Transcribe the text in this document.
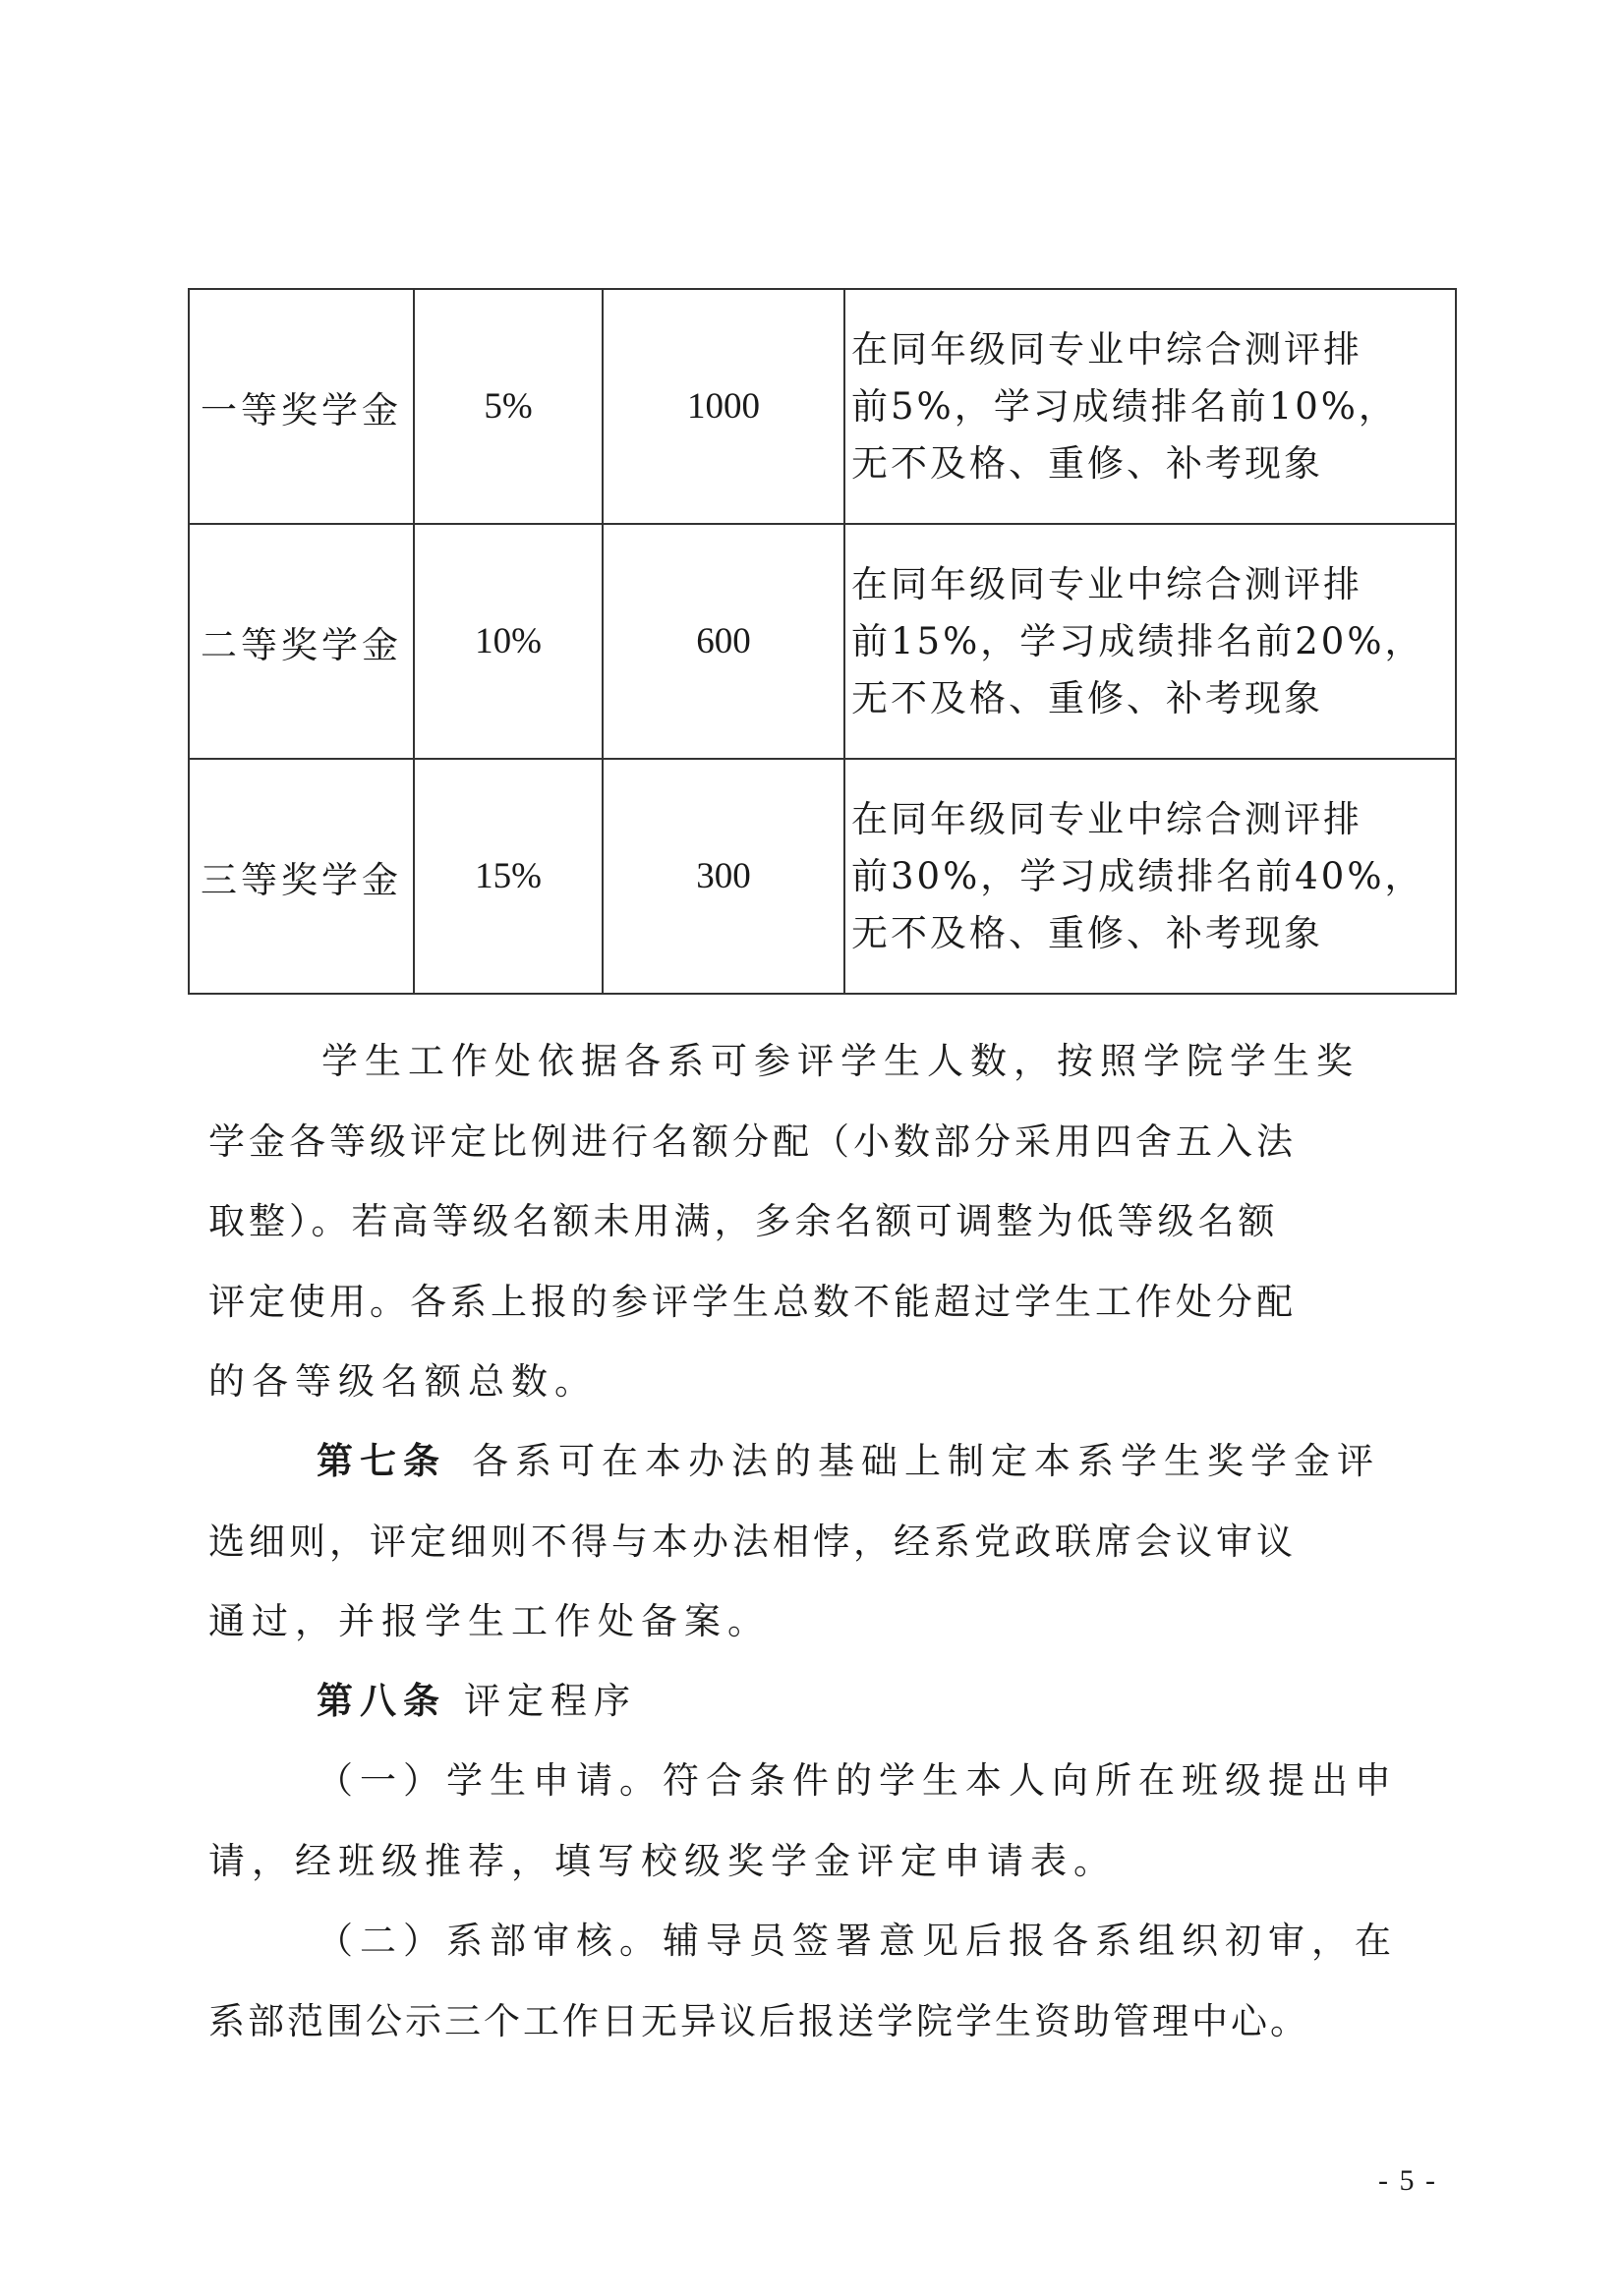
一等奖学金	5%	1000	在同年级同专业中综合测评排
前5%，学习成绩排名前10%，
无不及格、重修、补考现象

二等奖学金	10%	600	在同年级同专业中综合测评排
前15%，学习成绩排名前20%，
无不及格、重修、补考现象

三等奖学金	15%	300	在同年级同专业中综合测评排
前30%，学习成绩排名前40%，
无不及格、重修、补考现象
学生工作处依据各系可参评学生人数，按照学院学生奖
学金各等级评定比例进行名额分配（小数部分采用四舍五入法
取整）。若高等级名额未用满，多余名额可调整为低等级名额
评定使用。各系上报的参评学生总数不能超过学生工作处分配
的各等级名额总数。
第七条 各系可在本办法的基础上制定本系学生奖学金评
选细则，评定细则不得与本办法相悖，经系党政联席会议审议
通过，并报学生工作处备案。
第八条 评定程序
（一）学生申请。符合条件的学生本人向所在班级提出申
请，经班级推荐，填写校级奖学金评定申请表。
（二）系部审核。辅导员签署意见后报各系组织初审，在
系部范围公示三个工作日无异议后报送学院学生资助管理中心。
- 5 -
